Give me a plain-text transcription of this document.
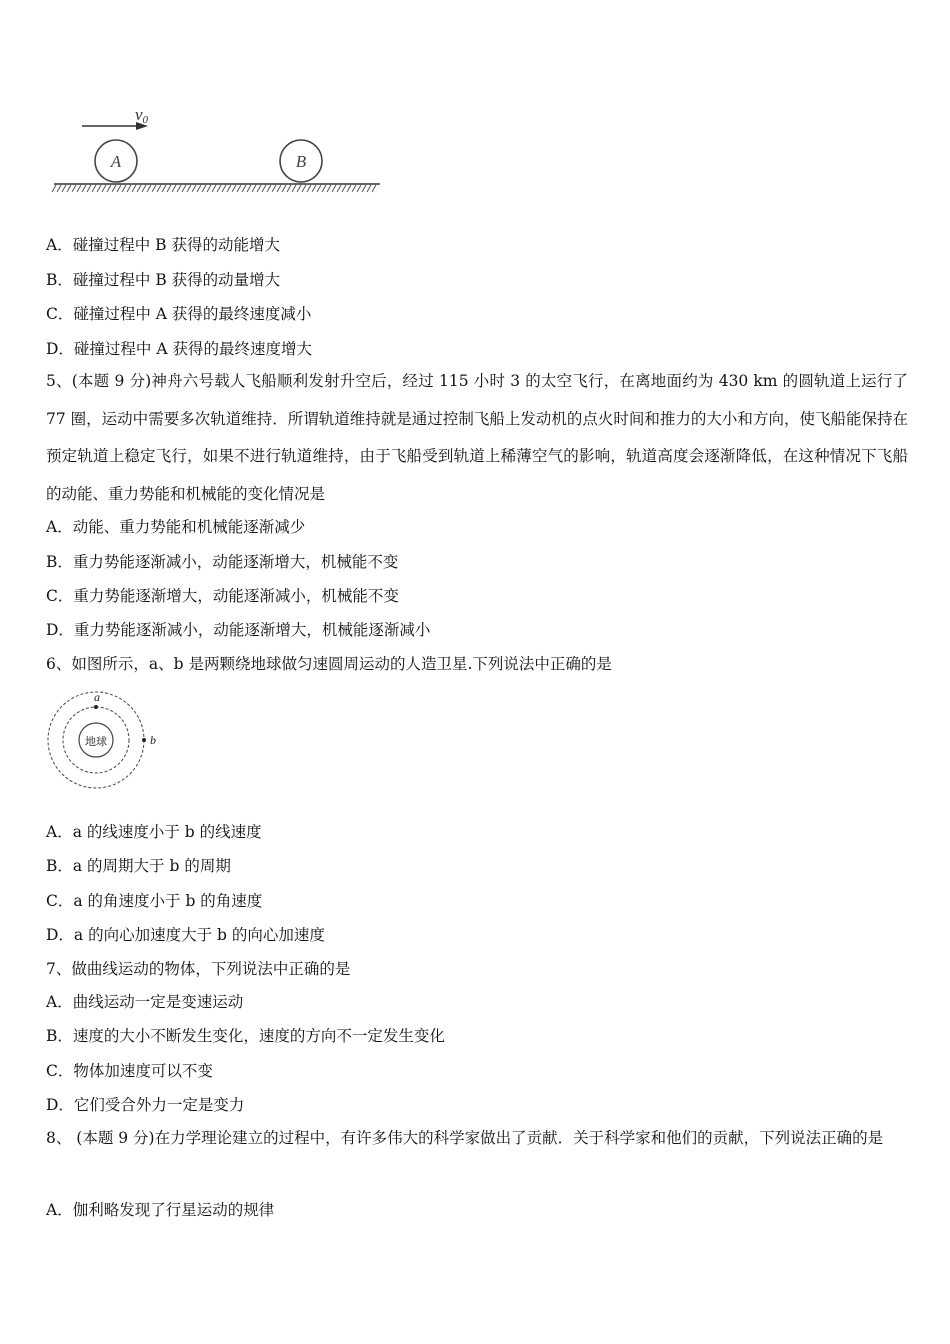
v0
A	B
A．碰撞过程中 B 获得的动能增大
B．碰撞过程中 B 获得的动量增大
C．碰撞过程中 A 获得的最终速度减小
D．碰撞过程中 A 获得的最终速度增大
5、(本题 9 分)神舟六号载人飞船顺利发射升空后，经过 115 小时 3 的太空飞行，在离地面约为 430 km 的圆轨道上运行了 77 圈，运动中需要多次轨道维持．所谓轨道维持就是通过控制飞船上发动机的点火时间和推力的大小和方向，使飞船能保持在预定轨道上稳定飞行，如果不进行轨道维持，由于飞船受到轨道上稀薄空气的影响，轨道高度会逐渐降低，在这种情况下飞船的动能、重力势能和机械能的变化情况是
A．动能、重力势能和机械能逐渐减少
B．重力势能逐渐减小，动能逐渐增大，机械能不变
C．重力势能逐渐增大，动能逐渐减小，机械能不变
D．重力势能逐渐减小，动能逐渐增大，机械能逐渐减小
6、如图所示，a、b 是两颗绕地球做匀速圆周运动的人造卫星.下列说法中正确的是
地球
a
b
A．a 的线速度小于 b 的线速度
B．a 的周期大于 b 的周期
C．a 的角速度小于 b 的角速度
D．a 的向心加速度大于 b 的向心加速度
7、做曲线运动的物体，下列说法中正确的是
A．曲线运动一定是变速运动
B．速度的大小不断发生变化，速度的方向不一定发生变化
C．物体加速度可以不变
D．它们受合外力一定是变力
8、 (本题 9 分)在力学理论建立的过程中，有许多伟大的科学家做出了贡献．关于科学家和他们的贡献，下列说法正确的是
A．伽利略发现了行星运动的规律
